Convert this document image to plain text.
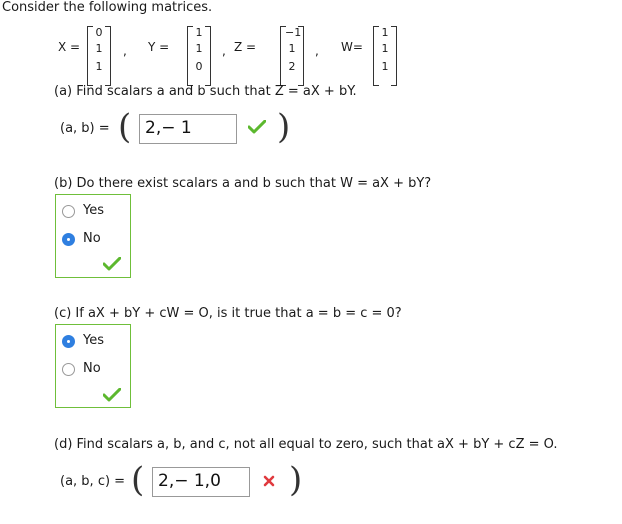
Consider the following matrices.
X =
0
1
1
, Y =
1
1
0
, Z =
−1
1
2
, W=
1
1
1
(a) Find scalars a and b such that Z = aX + bY.
(a, b) = ( 2,− 1	)
(b) Do there exist scalars a and b such that W = aX + bY?
Yes
No
(c) If aX + bY + cW = O, is it true that a = b = c = 0?
Yes
No
(d) Find scalars a, b, and c, not all equal to zero, such that aX + bY + cZ = O.
(a, b, c) = ( 2,− 1,0 )
